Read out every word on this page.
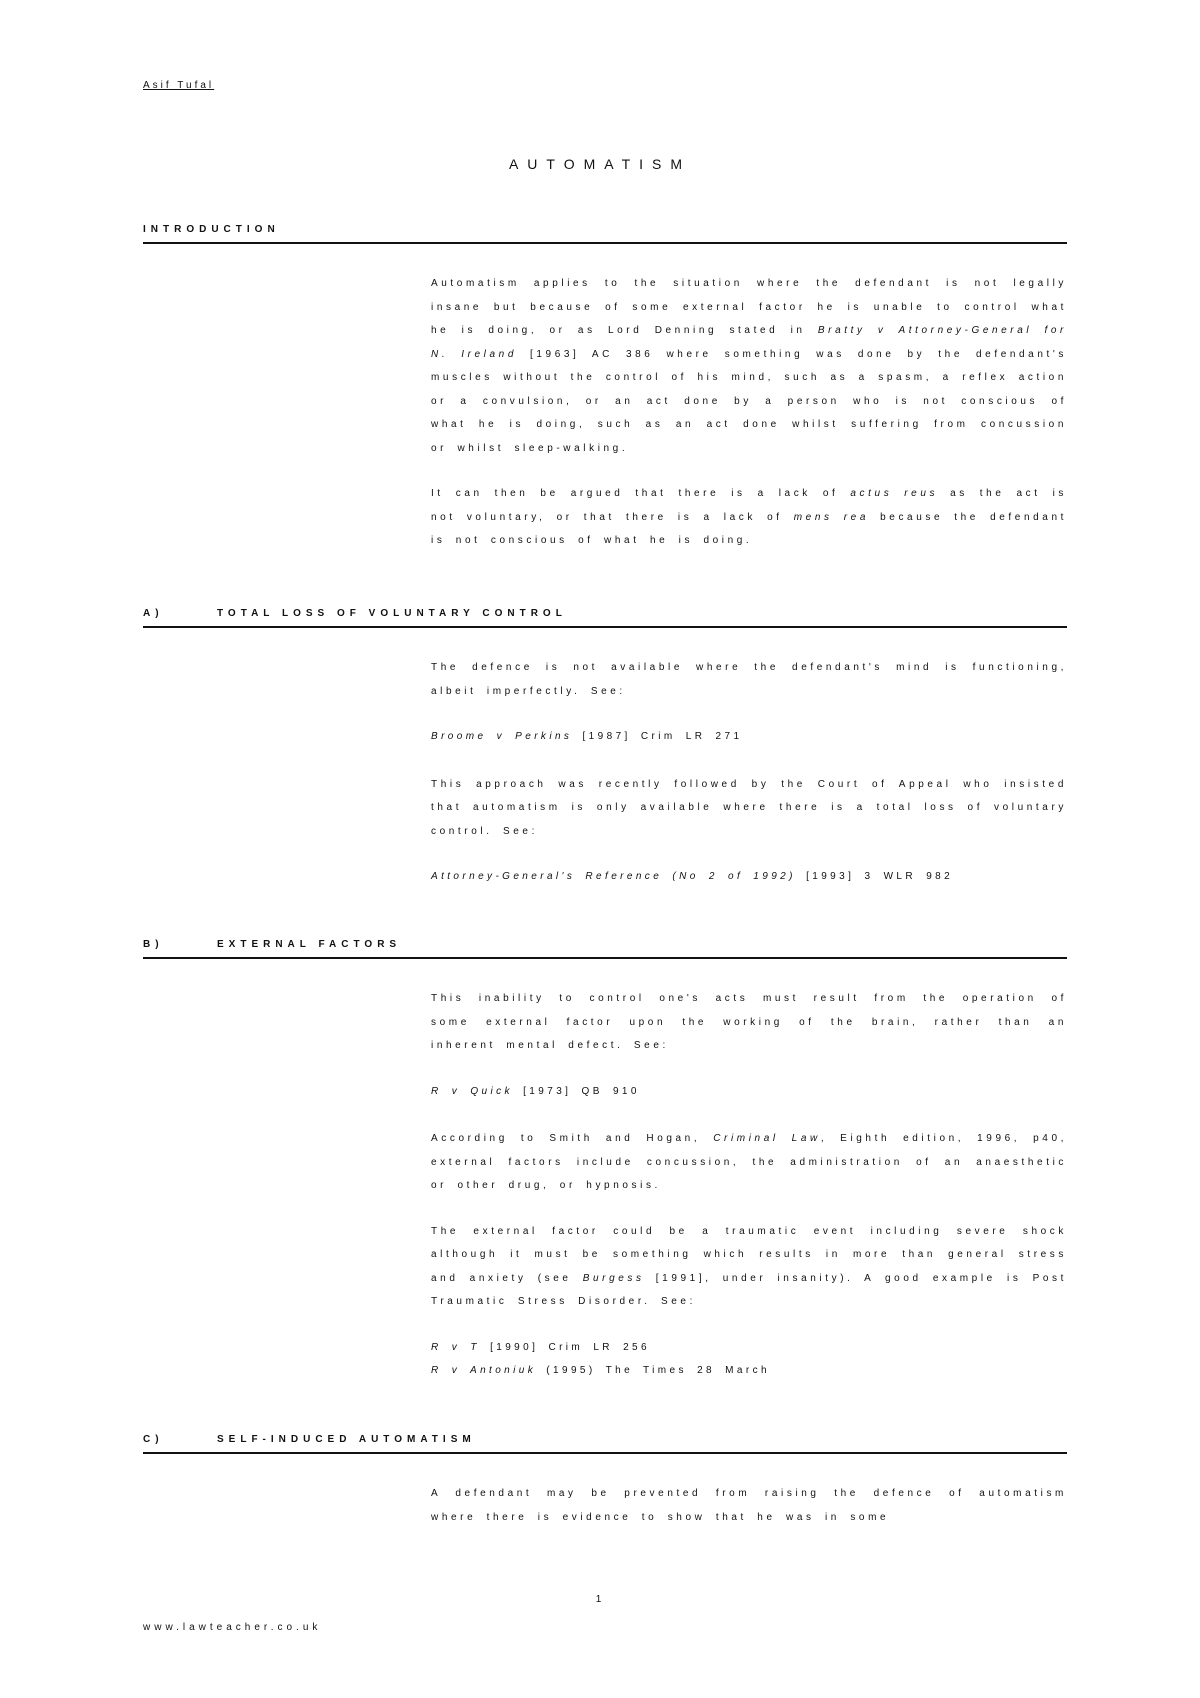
Asif Tufal
AUTOMATISM
INTRODUCTION

Automatism applies to the situation where the defendant is not legally insane but because of some external factor he is unable to control what he is doing, or as Lord Denning stated in Bratty v Attorney-General for N. Ireland [1963] AC 386 where something was done by the defendant's muscles without the control of his mind, such as a spasm, a reflex action or a convulsion, or an act done by a person who is not conscious of what he is doing, such as an act done whilst suffering from concussion or whilst sleep-walking.

It can then be argued that there is a lack of actus reus as the act is not voluntary, or that there is a lack of mens rea because the defendant is not conscious of what he is doing.

A)	TOTAL LOSS OF VOLUNTARY CONTROL

The defence is not available where the defendant's mind is functioning, albeit imperfectly. See:

Broome v Perkins [1987] Crim LR 271

This approach was recently followed by the Court of Appeal who insisted that automatism is only available where there is a total loss of voluntary control. See:

Attorney-General's Reference (No 2 of 1992) [1993] 3 WLR 982

B)	EXTERNAL FACTORS

This inability to control one's acts must result from the operation of some external factor upon the working of the brain, rather than an inherent mental defect. See:

R v Quick [1973] QB 910

According to Smith and Hogan, Criminal Law, Eighth edition, 1996, p40, external factors include concussion, the administration of an anaesthetic or other drug, or hypnosis.

The external factor could be a traumatic event including severe shock although it must be something which results in more than general stress and anxiety (see Burgess [1991], under insanity). A good example is Post Traumatic Stress Disorder. See:

R v T [1990] Crim LR 256

R v Antoniuk (1995) The Times 28 March

C)	SELF-INDUCED AUTOMATISM

A defendant may be prevented from raising the defence of automatism where there is evidence to show that he was in some

1
www.lawteacher.co.uk
